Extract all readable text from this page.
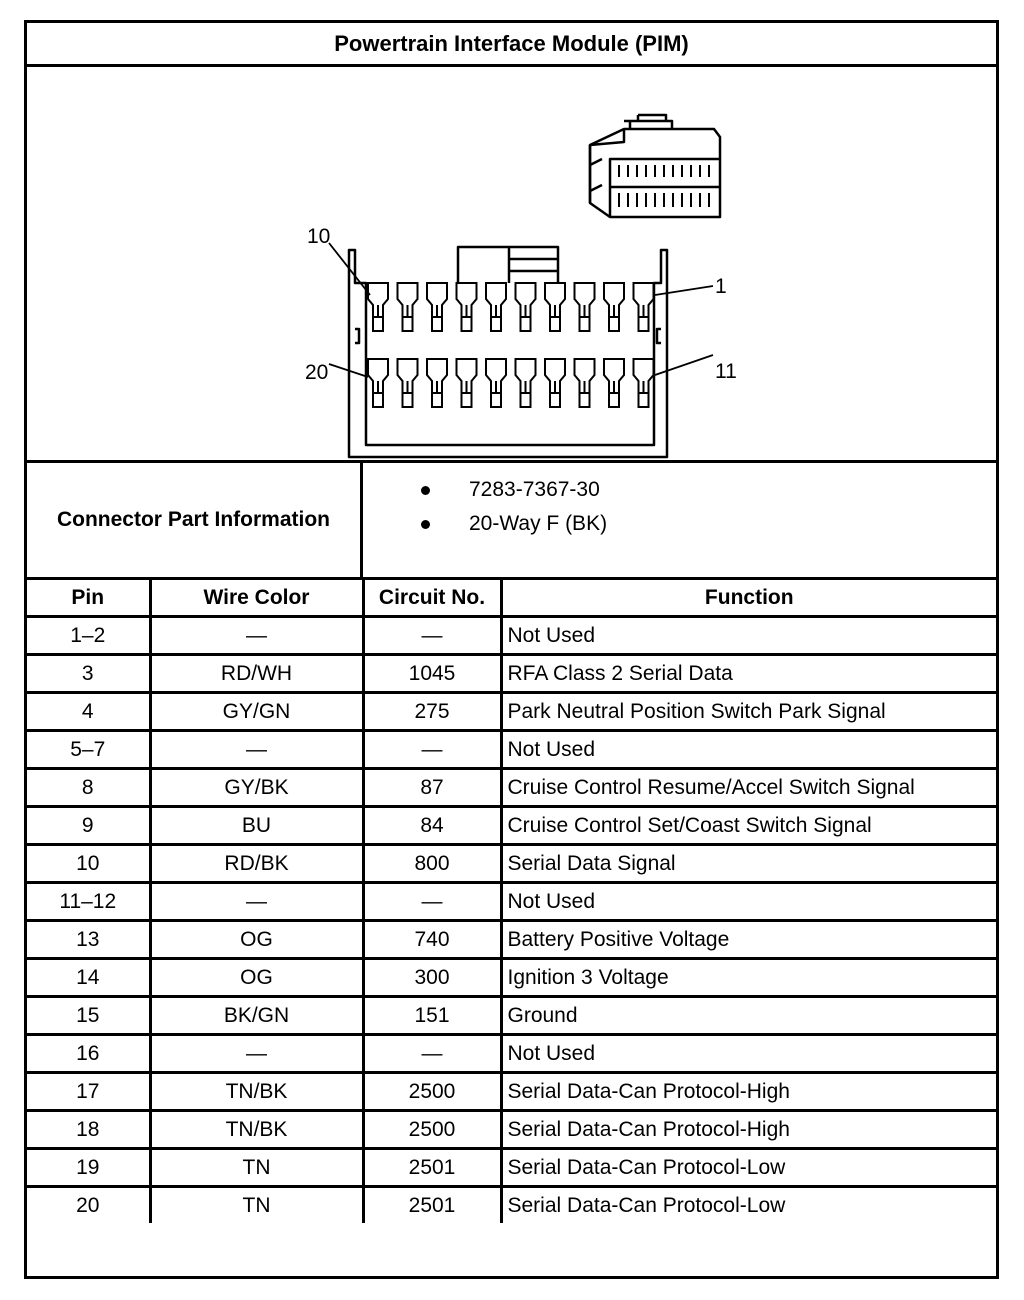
Powertrain Interface Module (PIM)
10
1
20	11
Connector Part Information
7283-7367-30
20-Way F (BK)
Pin	Wire Color	Circuit No.	Function
1–2	—	—	Not Used
3	RD/WH	1045	RFA Class 2 Serial Data
4	GY/GN	275	Park Neutral Position Switch Park Signal
5–7	—	—	Not Used
8	GY/BK	87	Cruise Control Resume/Accel Switch Signal
9	BU	84	Cruise Control Set/Coast Switch Signal
10	RD/BK	800	Serial Data Signal
11–12	—	—	Not Used
13	OG	740	Battery Positive Voltage
14	OG	300	Ignition 3 Voltage
15	BK/GN	151	Ground
16	—	—	Not Used
17	TN/BK	2500	Serial Data-Can Protocol-High
18	TN/BK	2500	Serial Data-Can Protocol-High
19	TN	2501	Serial Data-Can Protocol-Low
20	TN	2501	Serial Data-Can Protocol-Low
